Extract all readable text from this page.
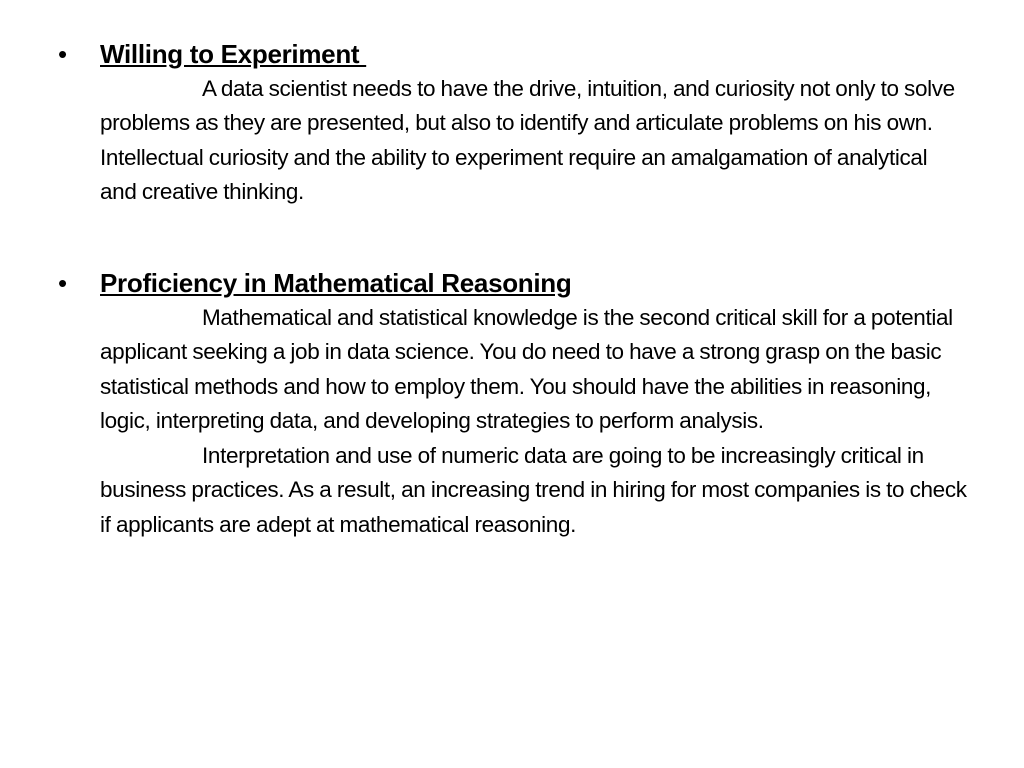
• Willing to Experiment

A data scientist needs to have the drive, intuition, and curiosity not only to solve problems as they are presented, but also to identify and articulate problems on his own. Intellectual curiosity and the ability to experiment require an amalgamation of analytical and creative thinking.

• Proficiency in Mathematical Reasoning

Mathematical and statistical knowledge is the second critical skill for a potential applicant seeking a job in data science. You do need to have a strong grasp on the basic statistical methods and how to employ them. You should have the abilities in reasoning, logic, interpreting data, and developing strategies to perform analysis.

Interpretation and use of numeric data are going to be increasingly critical in business practices. As a result, an increasing trend in hiring for most companies is to check if applicants are adept at mathematical reasoning.
